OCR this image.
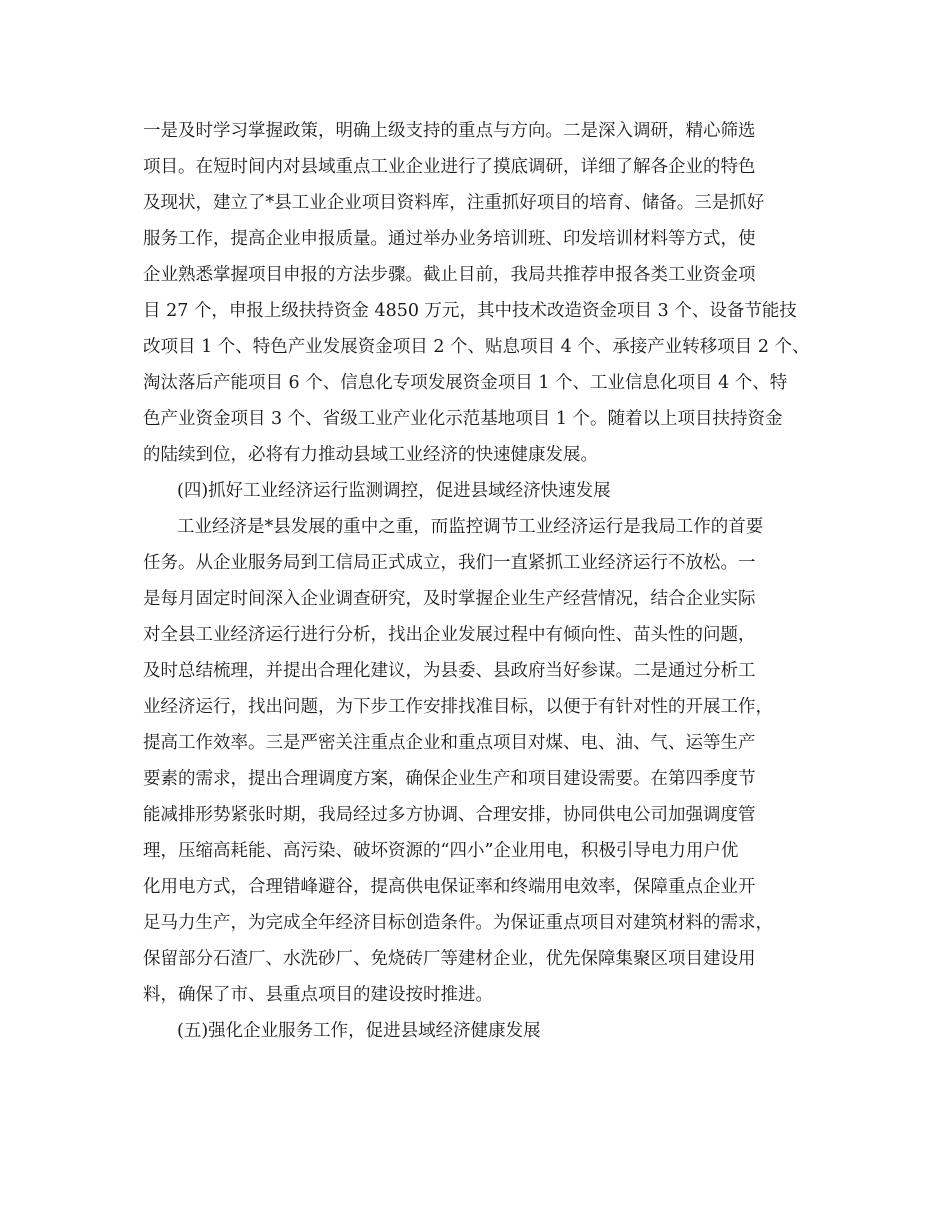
一是及时学习掌握政策，明确上级支持的重点与方向。二是深入调研，精心筛选
项目。在短时间内对县域重点工业企业进行了摸底调研，详细了解各企业的特色
及现状，建立了*县工业企业项目资料库，注重抓好项目的培育、储备。三是抓好
服务工作，提高企业申报质量。通过举办业务培训班、印发培训材料等方式，使
企业熟悉掌握项目申报的方法步骤。截止目前，我局共推荐申报各类工业资金项
目 27 个，申报上级扶持资金 4850 万元，其中技术改造资金项目 3 个、设备节能技
改项目 1 个、特色产业发展资金项目 2 个、贴息项目 4 个、承接产业转移项目 2 个、
淘汰落后产能项目 6 个、信息化专项发展资金项目 1 个、工业信息化项目 4 个、特
色产业资金项目 3 个、省级工业产业化示范基地项目 1 个。随着以上项目扶持资金
的陆续到位，必将有力推动县域工业经济的快速健康发展。
(四)抓好工业经济运行监测调控，促进县域经济快速发展
工业经济是*县发展的重中之重，而监控调节工业经济运行是我局工作的首要
任务。从企业服务局到工信局正式成立，我们一直紧抓工业经济运行不放松。一
是每月固定时间深入企业调查研究，及时掌握企业生产经营情况，结合企业实际
对全县工业经济运行进行分析，找出企业发展过程中有倾向性、苗头性的问题，
及时总结梳理，并提出合理化建议，为县委、县政府当好参谋。二是通过分析工
业经济运行，找出问题，为下步工作安排找准目标，以便于有针对性的开展工作，
提高工作效率。三是严密关注重点企业和重点项目对煤、电、油、气、运等生产
要素的需求，提出合理调度方案，确保企业生产和项目建设需要。在第四季度节
能减排形势紧张时期，我局经过多方协调、合理安排，协同供电公司加强调度管
理，压缩高耗能、高污染、破坏资源的“四小”企业用电，积极引导电力用户优
化用电方式，合理错峰避谷，提高供电保证率和终端用电效率，保障重点企业开
足马力生产，为完成全年经济目标创造条件。为保证重点项目对建筑材料的需求，
保留部分石渣厂、水洗砂厂、免烧砖厂等建材企业，优先保障集聚区项目建设用
料，确保了市、县重点项目的建设按时推进。
(五)强化企业服务工作，促进县域经济健康发展
